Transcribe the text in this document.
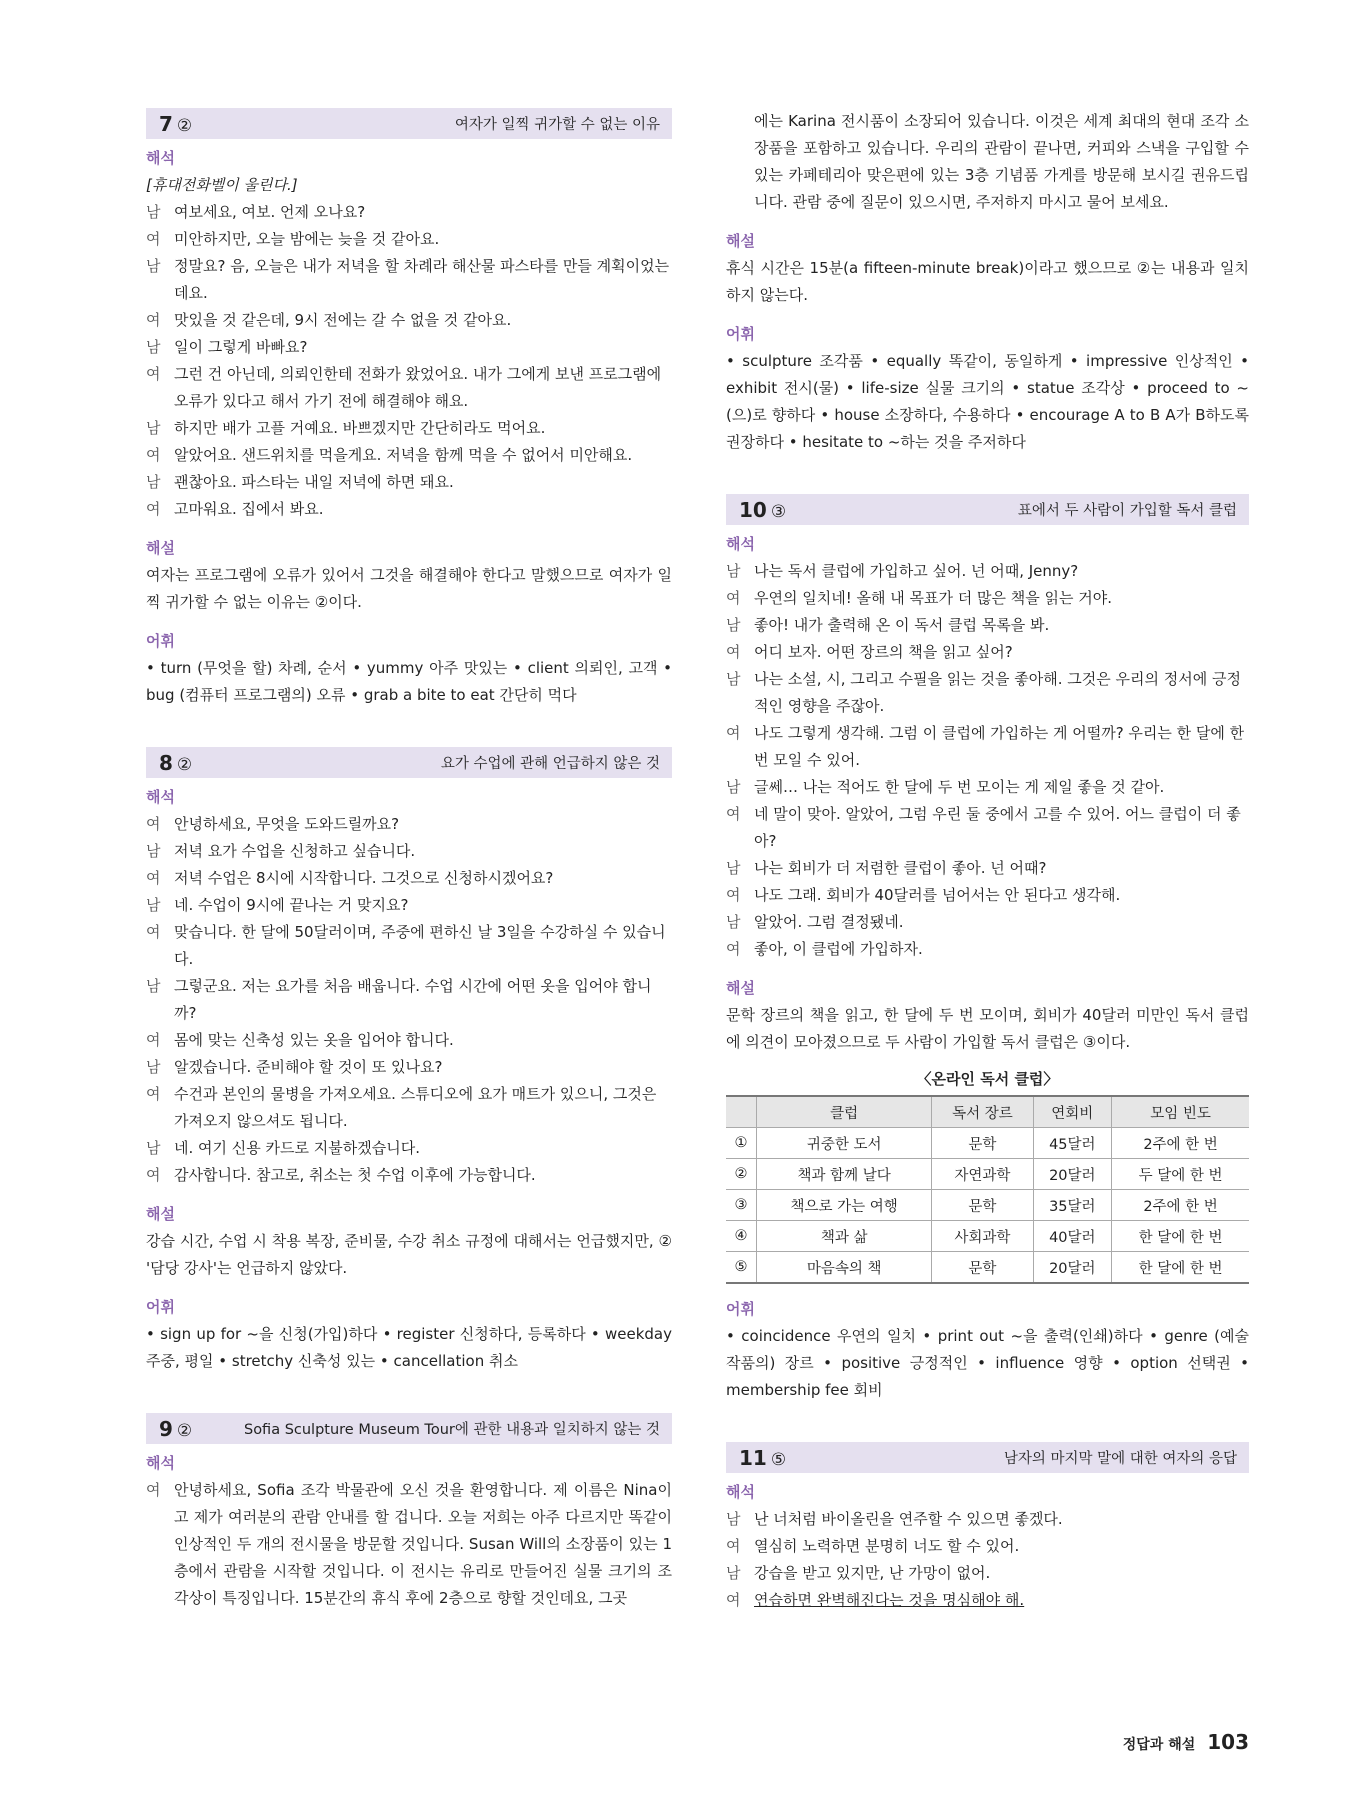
7 ②	여자가 일찍 귀가할 수 없는 이유
해석
[휴대전화벨이 울린다.]
남 여보세요, 여보. 언제 오나요?
여 미안하지만, 오늘 밤에는 늦을 것 같아요.
남 정말요? 음, 오늘은 내가 저녁을 할 차례라 해산물 파스타를 만들 계획이었는데요.
여 맛있을 것 같은데, 9시 전에는 갈 수 없을 것 같아요.
남 일이 그렇게 바빠요?
여 그런 건 아닌데, 의뢰인한테 전화가 왔었어요. 내가 그에게 보낸 프로그램에 오류가 있다고 해서 가기 전에 해결해야 해요.
남 하지만 배가 고플 거예요. 바쁘겠지만 간단히라도 먹어요.
여 알았어요. 샌드위치를 먹을게요. 저녁을 함께 먹을 수 없어서 미안해요.
남 괜찮아요. 파스타는 내일 저녁에 하면 돼요.
여 고마워요. 집에서 봐요.
해설
여자는 프로그램에 오류가 있어서 그것을 해결해야 한다고 말했으므로 여자가 일찍 귀가할 수 없는 이유는 ②이다.
어휘
• turn (무엇을 할) 차례, 순서 • yummy 아주 맛있는 • client 의뢰인, 고객 • bug (컴퓨터 프로그램의) 오류 • grab a bite to eat 간단히 먹다
8 ②	요가 수업에 관해 언급하지 않은 것
해석
여 안녕하세요, 무엇을 도와드릴까요?
남 저녁 요가 수업을 신청하고 싶습니다.
여 저녁 수업은 8시에 시작합니다. 그것으로 신청하시겠어요?
남 네. 수업이 9시에 끝나는 거 맞지요?
여 맞습니다. 한 달에 50달러이며, 주중에 편하신 날 3일을 수강하실 수 있습니다.
남 그렇군요. 저는 요가를 처음 배웁니다. 수업 시간에 어떤 옷을 입어야 합니까?
여 몸에 맞는 신축성 있는 옷을 입어야 합니다.
남 알겠습니다. 준비해야 할 것이 또 있나요?
여 수건과 본인의 물병을 가져오세요. 스튜디오에 요가 매트가 있으니, 그것은 가져오지 않으셔도 됩니다.
남 네. 여기 신용 카드로 지불하겠습니다.
여 감사합니다. 참고로, 취소는 첫 수업 이후에 가능합니다.
해설
강습 시간, 수업 시 착용 복장, 준비물, 수강 취소 규정에 대해서는 언급했지만, ② '담당 강사'는 언급하지 않았다.
어휘
• sign up for ~을 신청(가입)하다 • register 신청하다, 등록하다 • weekday 주중, 평일 • stretchy 신축성 있는 • cancellation 취소
9 ②	Sofia Sculpture Museum Tour에 관한 내용과 일치하지 않는 것
해석
여 안녕하세요, Sofia 조각 박물관에 오신 것을 환영합니다. 제 이름은 Nina이고 제가 여러분의 관람 안내를 할 겁니다. 오늘 저희는 아주 다르지만 똑같이 인상적인 두 개의 전시물을 방문할 것입니다. Susan Will의 소장품이 있는 1층에서 관람을 시작할 것입니다. 이 전시는 유리로 만들어진 실물 크기의 조각상이 특징입니다. 15분간의 휴식 후에 2층으로 향할 것인데요, 그곳
에는 Karina 전시품이 소장되어 있습니다. 이것은 세계 최대의 현대 조각 소장품을 포함하고 있습니다. 우리의 관람이 끝나면, 커피와 스낵을 구입할 수 있는 카페테리아 맞은편에 있는 3층 기념품 가게를 방문해 보시길 권유드립니다. 관람 중에 질문이 있으시면, 주저하지 마시고 물어 보세요.
해설
휴식 시간은 15분(a fifteen-minute break)이라고 했으므로 ②는 내용과 일치하지 않는다.
어휘
• sculpture 조각품 • equally 똑같이, 동일하게 • impressive 인상적인 • exhibit 전시(물) • life-size 실물 크기의 • statue 조각상 • proceed to ~(으)로 향하다 • house 소장하다, 수용하다 • encourage A to B A가 B하도록 권장하다 • hesitate to ~하는 것을 주저하다
10 ③	표에서 두 사람이 가입할 독서 클럽
해석
남 나는 독서 클럽에 가입하고 싶어. 넌 어때, Jenny?
여 우연의 일치네! 올해 내 목표가 더 많은 책을 읽는 거야.
남 좋아! 내가 출력해 온 이 독서 클럽 목록을 봐.
여 어디 보자. 어떤 장르의 책을 읽고 싶어?
남 나는 소설, 시, 그리고 수필을 읽는 것을 좋아해. 그것은 우리의 정서에 긍정적인 영향을 주잖아.
여 나도 그렇게 생각해. 그럼 이 클럽에 가입하는 게 어떨까? 우리는 한 달에 한 번 모일 수 있어.
남 글쎄… 나는 적어도 한 달에 두 번 모이는 게 제일 좋을 것 같아.
여 네 말이 맞아. 알았어, 그럼 우린 둘 중에서 고를 수 있어. 어느 클럽이 더 좋아?
남 나는 회비가 더 저렴한 클럽이 좋아. 넌 어때?
여 나도 그래. 회비가 40달러를 넘어서는 안 된다고 생각해.
남 알았어. 그럼 결정됐네.
여 좋아, 이 클럽에 가입하자.
해설
문학 장르의 책을 읽고, 한 달에 두 번 모이며, 회비가 40달러 미만인 독서 클럽에 의견이 모아졌으므로 두 사람이 가입할 독서 클럽은 ③이다.
〈온라인 독서 클럽〉
	클럽	독서 장르	연회비	모임 빈도
①	귀중한 도서	문학	45달러	2주에 한 번
②	책과 함께 날다	자연과학	20달러	두 달에 한 번
③	책으로 가는 여행	문학	35달러	2주에 한 번
④	책과 삶	사회과학	40달러	한 달에 한 번
⑤	마음속의 책	문학	20달러	한 달에 한 번
어휘
• coincidence 우연의 일치 • print out ~을 출력(인쇄)하다 • genre (예술 작품의) 장르 • positive 긍정적인 • influence 영향 • option 선택권 • membership fee 회비
11 ⑤	남자의 마지막 말에 대한 여자의 응답
해석
남 난 너처럼 바이올린을 연주할 수 있으면 좋겠다.
여 열심히 노력하면 분명히 너도 할 수 있어.
남 강습을 받고 있지만, 난 가망이 없어.
여 연습하면 완벽해진다는 것을 명심해야 해.
정답과 해설 103
